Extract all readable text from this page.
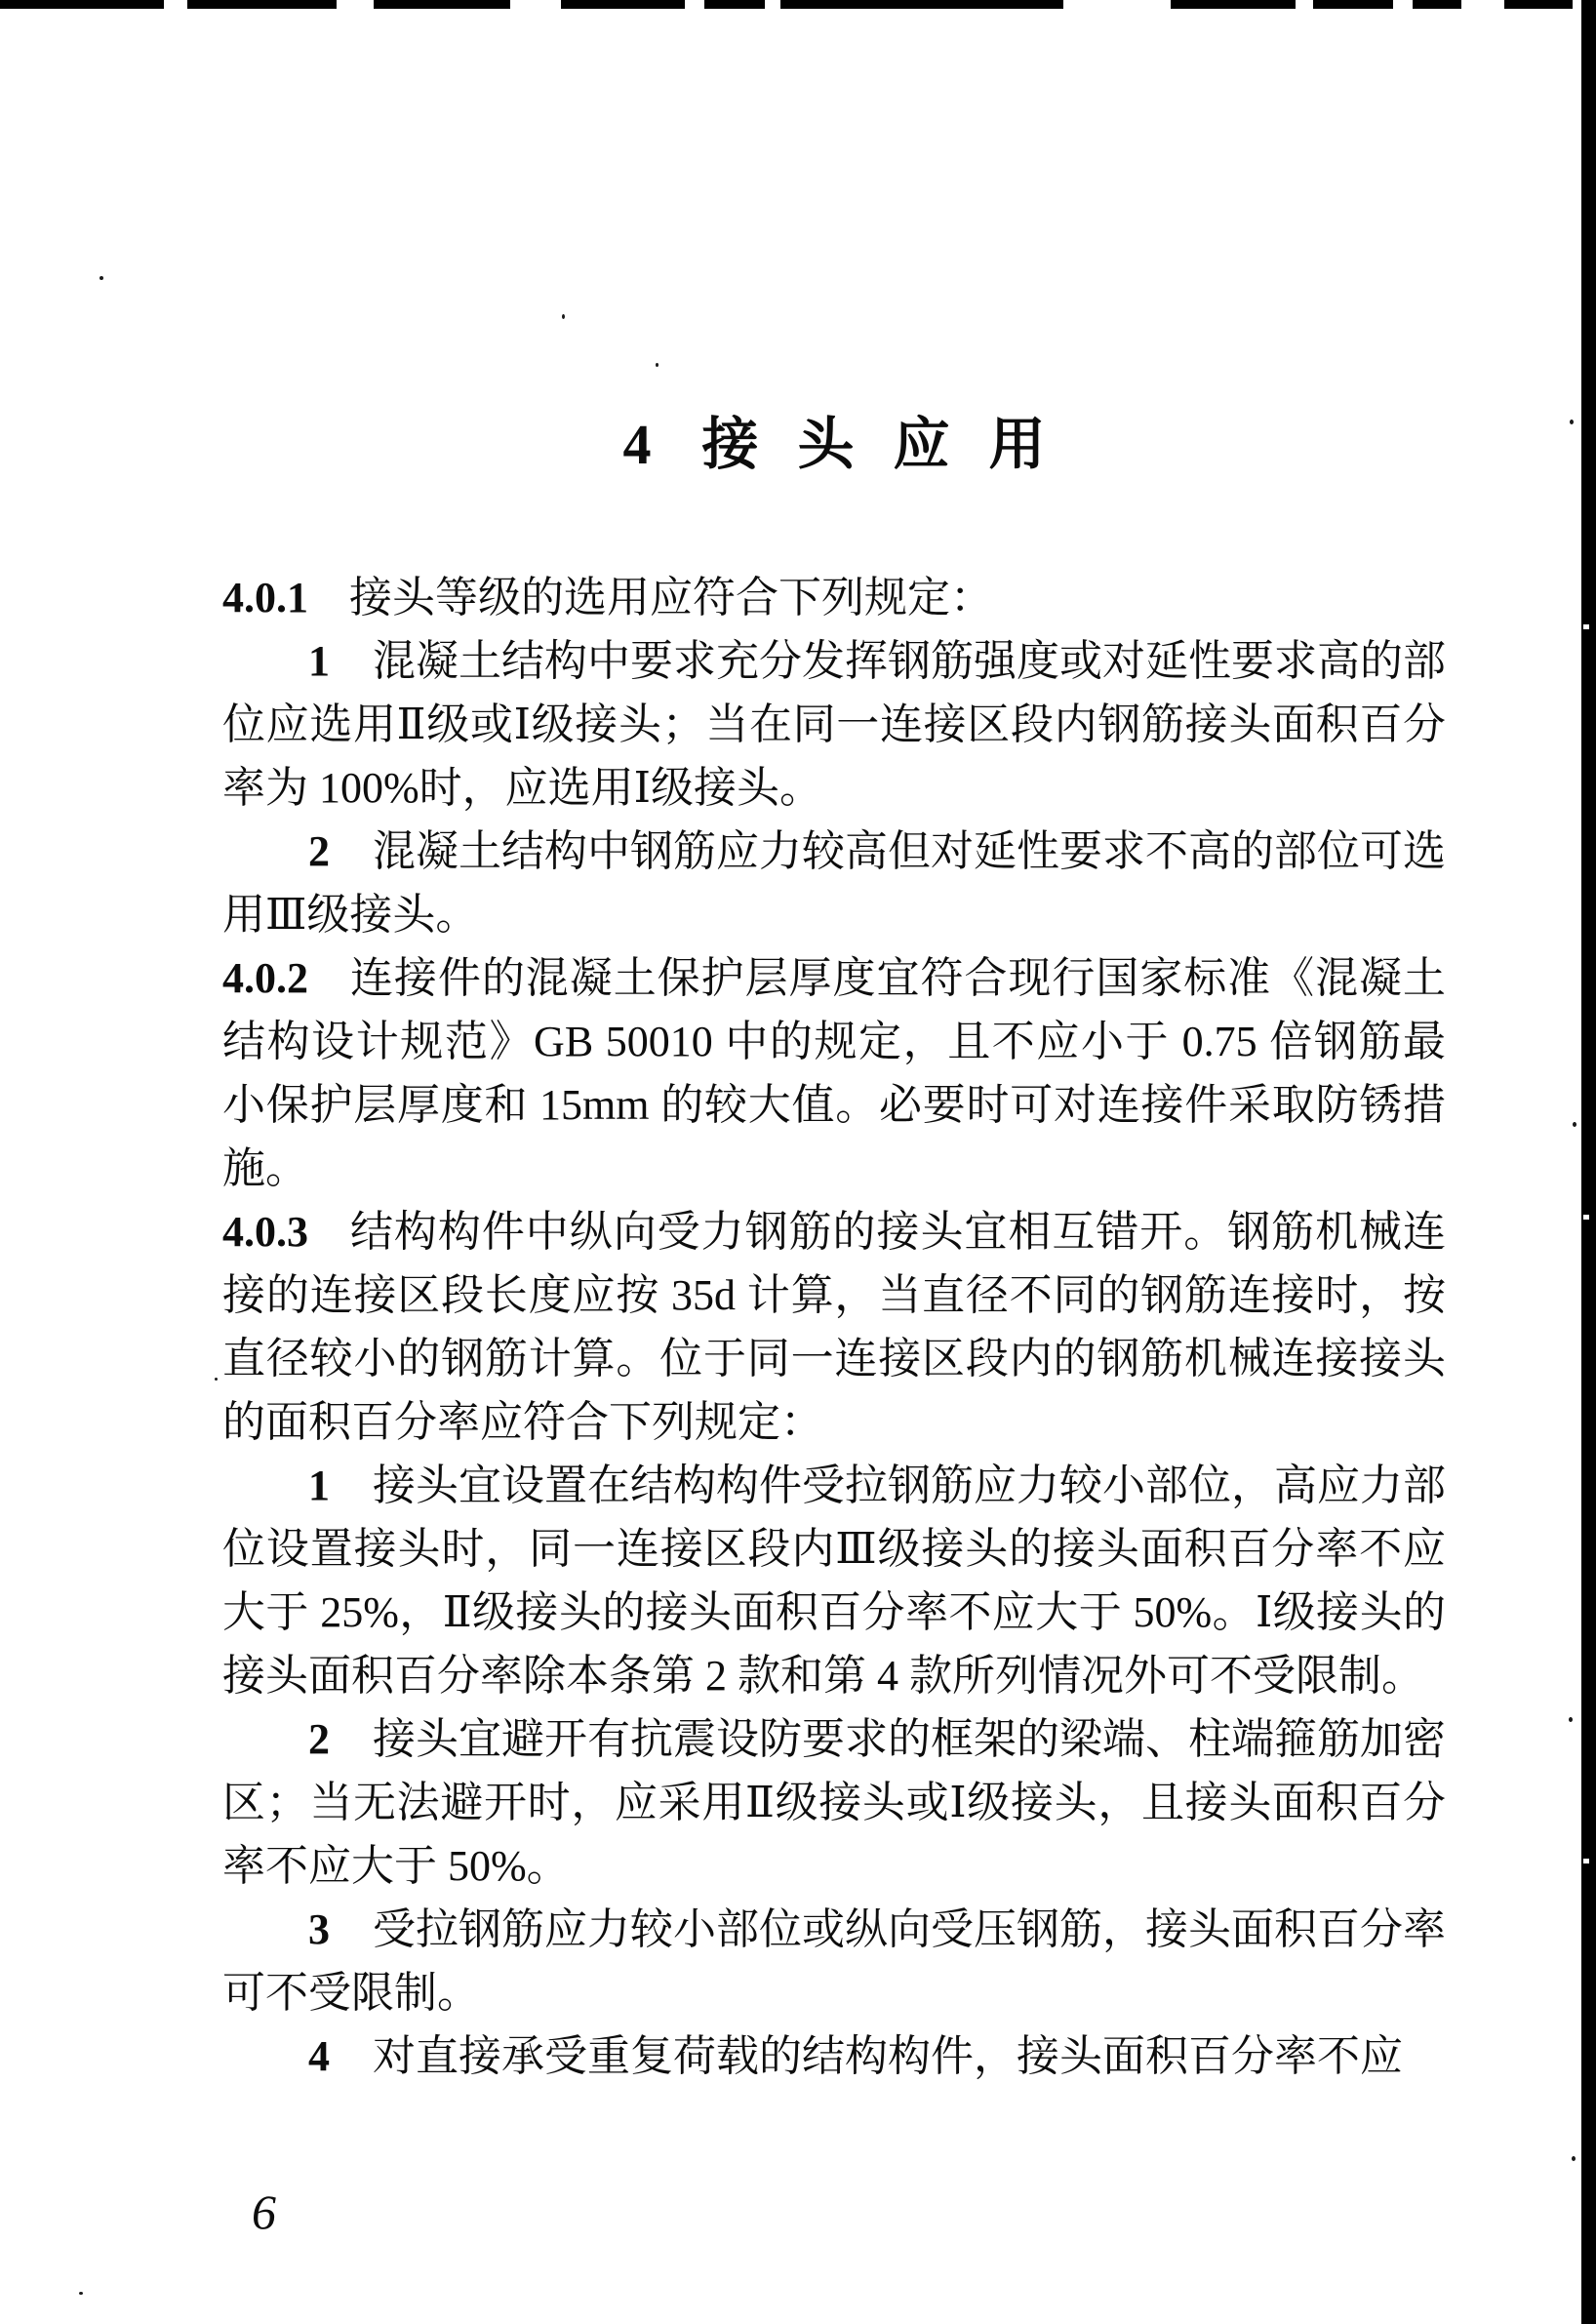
4 接头应用

4.0.1 接头等级的选用应符合下列规定：

1 混凝土结构中要求充分发挥钢筋强度或对延性要求高的部位应选用Ⅱ级或Ⅰ级接头；当在同一连接区段内钢筋接头面积百分率为 100%时，应选用Ⅰ级接头。

2 混凝土结构中钢筋应力较高但对延性要求不高的部位可选用Ⅲ级接头。

4.0.2 连接件的混凝土保护层厚度宜符合现行国家标准《混凝土结构设计规范》GB 50010 中的规定，且不应小于 0.75 倍钢筋最小保护层厚度和 15mm 的较大值。必要时可对连接件采取防锈措施。

4.0.3 结构构件中纵向受力钢筋的接头宜相互错开。钢筋机械连接的连接区段长度应按 35d 计算，当直径不同的钢筋连接时，按直径较小的钢筋计算。位于同一连接区段内的钢筋机械连接接头的面积百分率应符合下列规定：

1 接头宜设置在结构构件受拉钢筋应力较小部位，高应力部位设置接头时，同一连接区段内Ⅲ级接头的接头面积百分率不应大于 25%，Ⅱ级接头的接头面积百分率不应大于 50%。Ⅰ级接头的接头面积百分率除本条第 2 款和第 4 款所列情况外可不受限制。

2 接头宜避开有抗震设防要求的框架的梁端、柱端箍筋加密区；当无法避开时，应采用Ⅱ级接头或Ⅰ级接头，且接头面积百分率不应大于 50%。

3 受拉钢筋应力较小部位或纵向受压钢筋，接头面积百分率可不受限制。

4 对直接承受重复荷载的结构构件，接头面积百分率不应

6
